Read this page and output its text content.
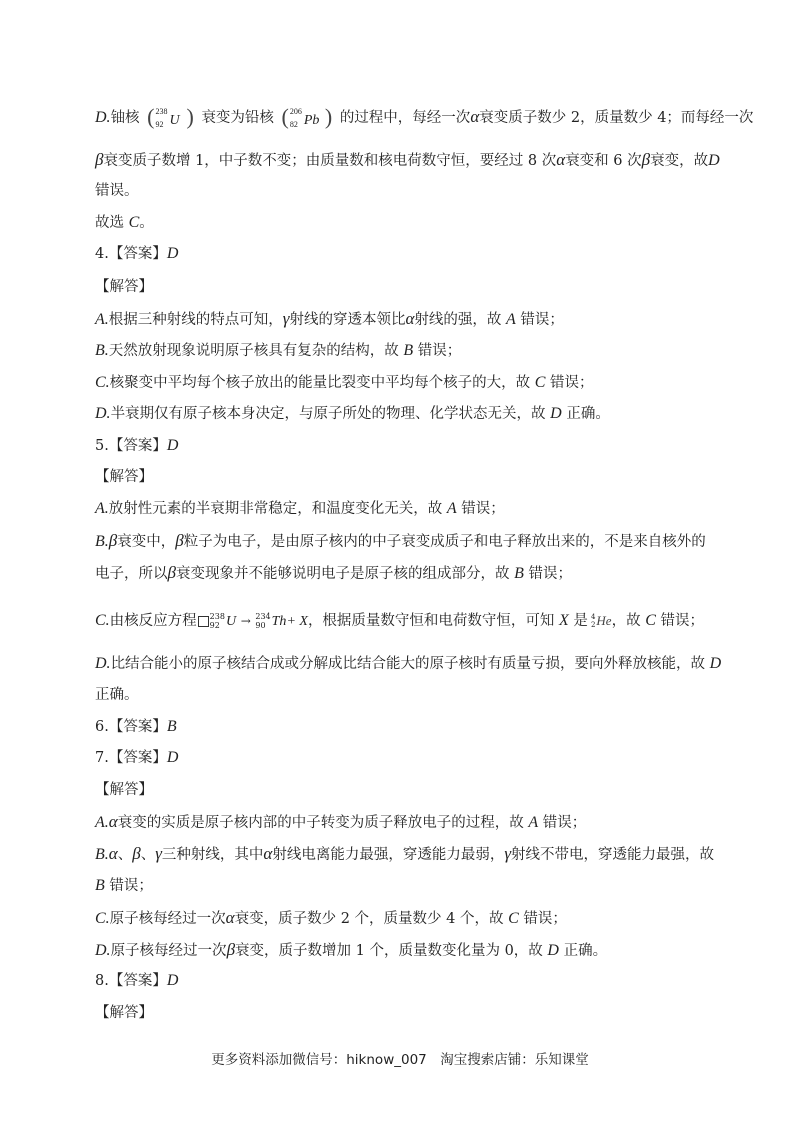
D.铀核 ( 238
92 U ) 衰变为铅核 ( 206
82 Pb ) 的过程中，每经一次α衰变质子数少 2，质量数少 4；而每经一次
β衰变质子数增 1，中子数不变；由质量数和核电荷数守恒，要经过 8 次α衰变和 6 次β衰变，故D
错误。
故选 C。
4.【答案】D
【解答】
A.根据三种射线的特点可知，γ射线的穿透本领比α射线的强，故 A 错误；
B.天然放射现象说明原子核具有复杂的结构，故 B 错误；
C.核聚变中平均每个核子放出的能量比裂变中平均每个核子的大，故 C 错误；
D.半衰期仅有原子核本身决定，与原子所处的物理、化学状态无关，故 D 正确。
5.【答案】D
【解答】
A.放射性元素的半衰期非常稳定，和温度变化无关，故 A 错误；
B.β衰变中，β粒子为电子，是由原子核内的中子衰变成质子和电子释放出来的，不是来自核外的
电子，所以β衰变现象并不能够说明电子是原子核的组成部分，故 B 错误；
C.由核反应方程 238
92 U → 234
90 Th+ X，根据质量数守恒和电荷数守恒，可知 X 是 4
2 He，故 C 错误；
D.比结合能小的原子核结合成或分解成比结合能大的原子核时有质量亏损，要向外释放核能，故 D
正确。
6.【答案】B
7.【答案】D
【解答】
A.α衰变的实质是原子核内部的中子转变为质子释放电子的过程，故 A 错误；
B.α、β、γ三种射线，其中α射线电离能力最强，穿透能力最弱，γ射线不带电，穿透能力最强，故
B 错误；
C.原子核每经过一次α衰变，质子数少 2 个，质量数少 4 个，故 C 错误；
D.原子核每经过一次β衰变，质子数增加 1 个，质量数变化量为 0，故 D 正确。
8.【答案】D
【解答】
更多资料添加微信号：hiknow_007　淘宝搜索店铺：乐知课堂
